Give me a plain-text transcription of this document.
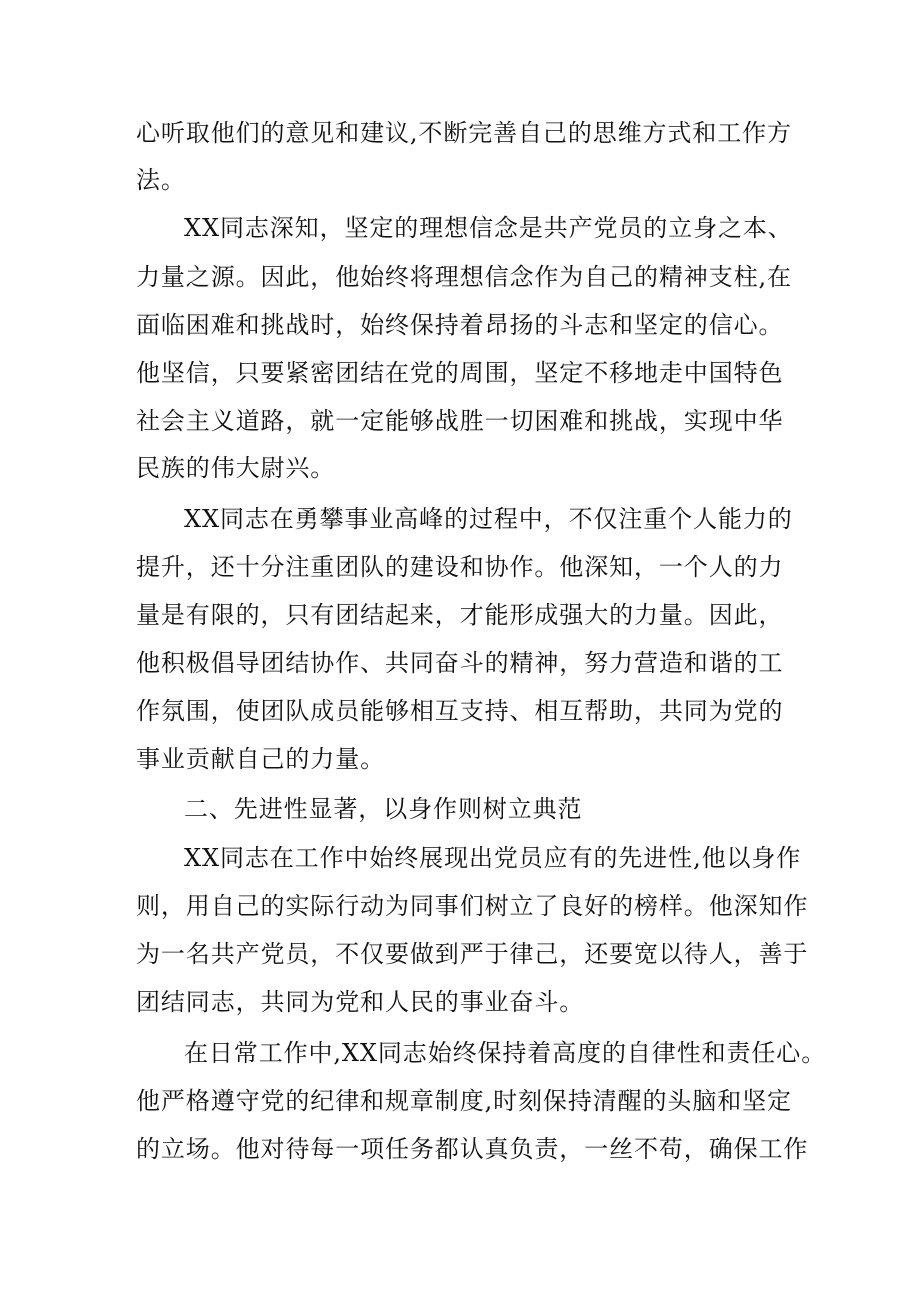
心听取他们的意见和建议,不断完善自己的思维方式和工作方
法。
XX同志深知，坚定的理想信念是共产党员的立身之本、
力量之源。因此，他始终将理想信念作为自己的精神支柱,在
面临困难和挑战时，始终保持着昂扬的斗志和坚定的信心。
他坚信，只要紧密团结在党的周围，坚定不移地走中国特色
社会主义道路，就一定能够战胜一切困难和挑战，实现中华
民族的伟大尉兴。
XX同志在勇攀事业高峰的过程中，不仅注重个人能力的
提升，还十分注重团队的建设和协作。他深知，一个人的力
量是有限的，只有团结起来，才能形成强大的力量。因此，
他积极倡导团结协作、共同奋斗的精神，努力营造和谐的工
作氛围，使团队成员能够相互支持、相互帮助，共同为党的
事业贡献自己的力量。
二、先进性显著，以身作则树立典范
XX同志在工作中始终展现出党员应有的先进性,他以身作
则，用自己的实际行动为同事们树立了良好的榜样。他深知作
为一名共产党员，不仅要做到严于律己，还要宽以待人，善于
团结同志，共同为党和人民的事业奋斗。
在日常工作中,XX同志始终保持着高度的自律性和责任心。
他严格遵守党的纪律和规章制度,时刻保持清醒的头脑和坚定
的立场。他对待每一项任务都认真负责，一丝不苟，确保工作
